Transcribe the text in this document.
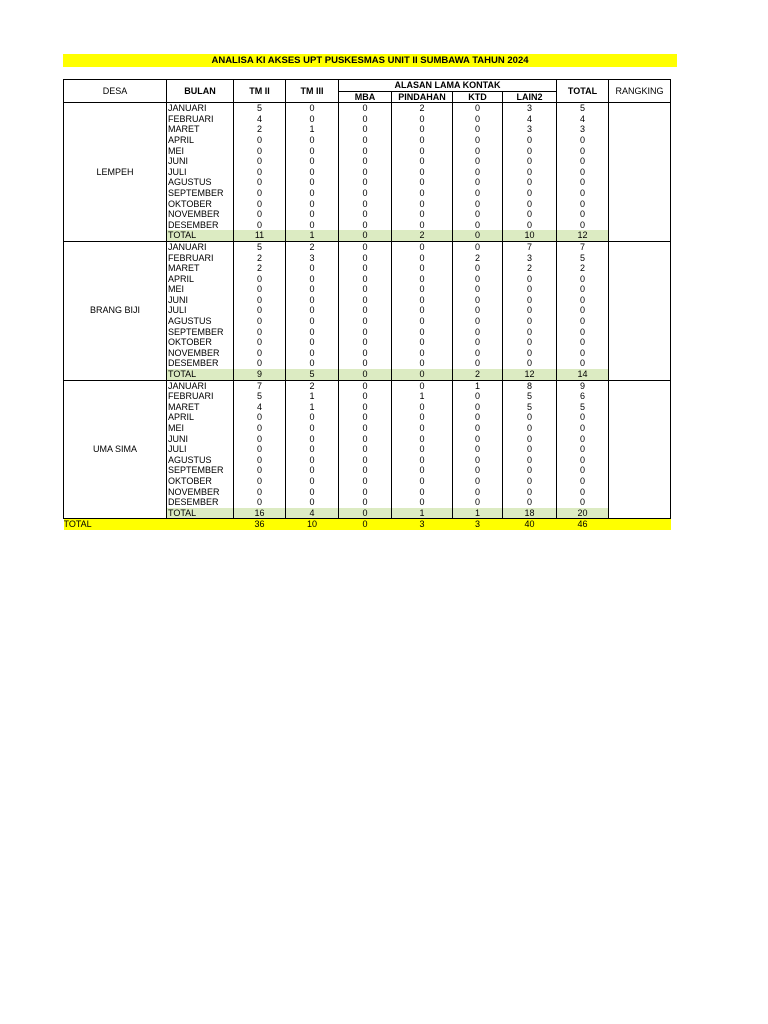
ANALISA KI AKSES UPT PUSKESMAS UNIT II SUMBAWA TAHUN 2024
DESA	BULAN	TM II	TM III	ALASAN LAMA KONTAK				TOTAL	RANGKING
				MBA	PINDAHAN	KTD	LAIN2		
LEMPEH	JANUARI	5	0	0	2	0	3	5	
	FEBRUARI	4	0	0	0	0	4	4	
	MARET	2	1	0	0	0	3	3	
	APRIL	0	0	0	0	0	0	0	
	MEI	0	0	0	0	0	0	0	
	JUNI	0	0	0	0	0	0	0	
	JULI	0	0	0	0	0	0	0	
	AGUSTUS	0	0	0	0	0	0	0	
	SEPTEMBER	0	0	0	0	0	0	0	
	OKTOBER	0	0	0	0	0	0	0	
	NOVEMBER	0	0	0	0	0	0	0	
	DESEMBER	0	0	0	0	0	0	0	
	TOTAL	11	1	0	2	0	10	12	
BRANG BIJI	JANUARI	5	2	0	0	0	7	7	
	FEBRUARI	2	3	0	0	2	3	5	
	MARET	2	0	0	0	0	2	2	
	APRIL	0	0	0	0	0	0	0	
	MEI	0	0	0	0	0	0	0	
	JUNI	0	0	0	0	0	0	0	
	JULI	0	0	0	0	0	0	0	
	AGUSTUS	0	0	0	0	0	0	0	
	SEPTEMBER	0	0	0	0	0	0	0	
	OKTOBER	0	0	0	0	0	0	0	
	NOVEMBER	0	0	0	0	0	0	0	
	DESEMBER	0	0	0	0	0	0	0	
	TOTAL	9	5	0	0	2	12	14	
UMA SIMA	JANUARI	7	2	0	0	1	8	9	
	FEBRUARI	5	1	0	1	0	5	6	
	MARET	4	1	0	0	0	5	5	
	APRIL	0	0	0	0	0	0	0	
	MEI	0	0	0	0	0	0	0	
	JUNI	0	0	0	0	0	0	0	
	JULI	0	0	0	0	0	0	0	
	AGUSTUS	0	0	0	0	0	0	0	
	SEPTEMBER	0	0	0	0	0	0	0	
	OKTOBER	0	0	0	0	0	0	0	
	NOVEMBER	0	0	0	0	0	0	0	
	DESEMBER	0	0	0	0	0	0	0	
	TOTAL	16	4	0	1	1	18	20	
TOTAL		36	10	0	3	3	40	46	
